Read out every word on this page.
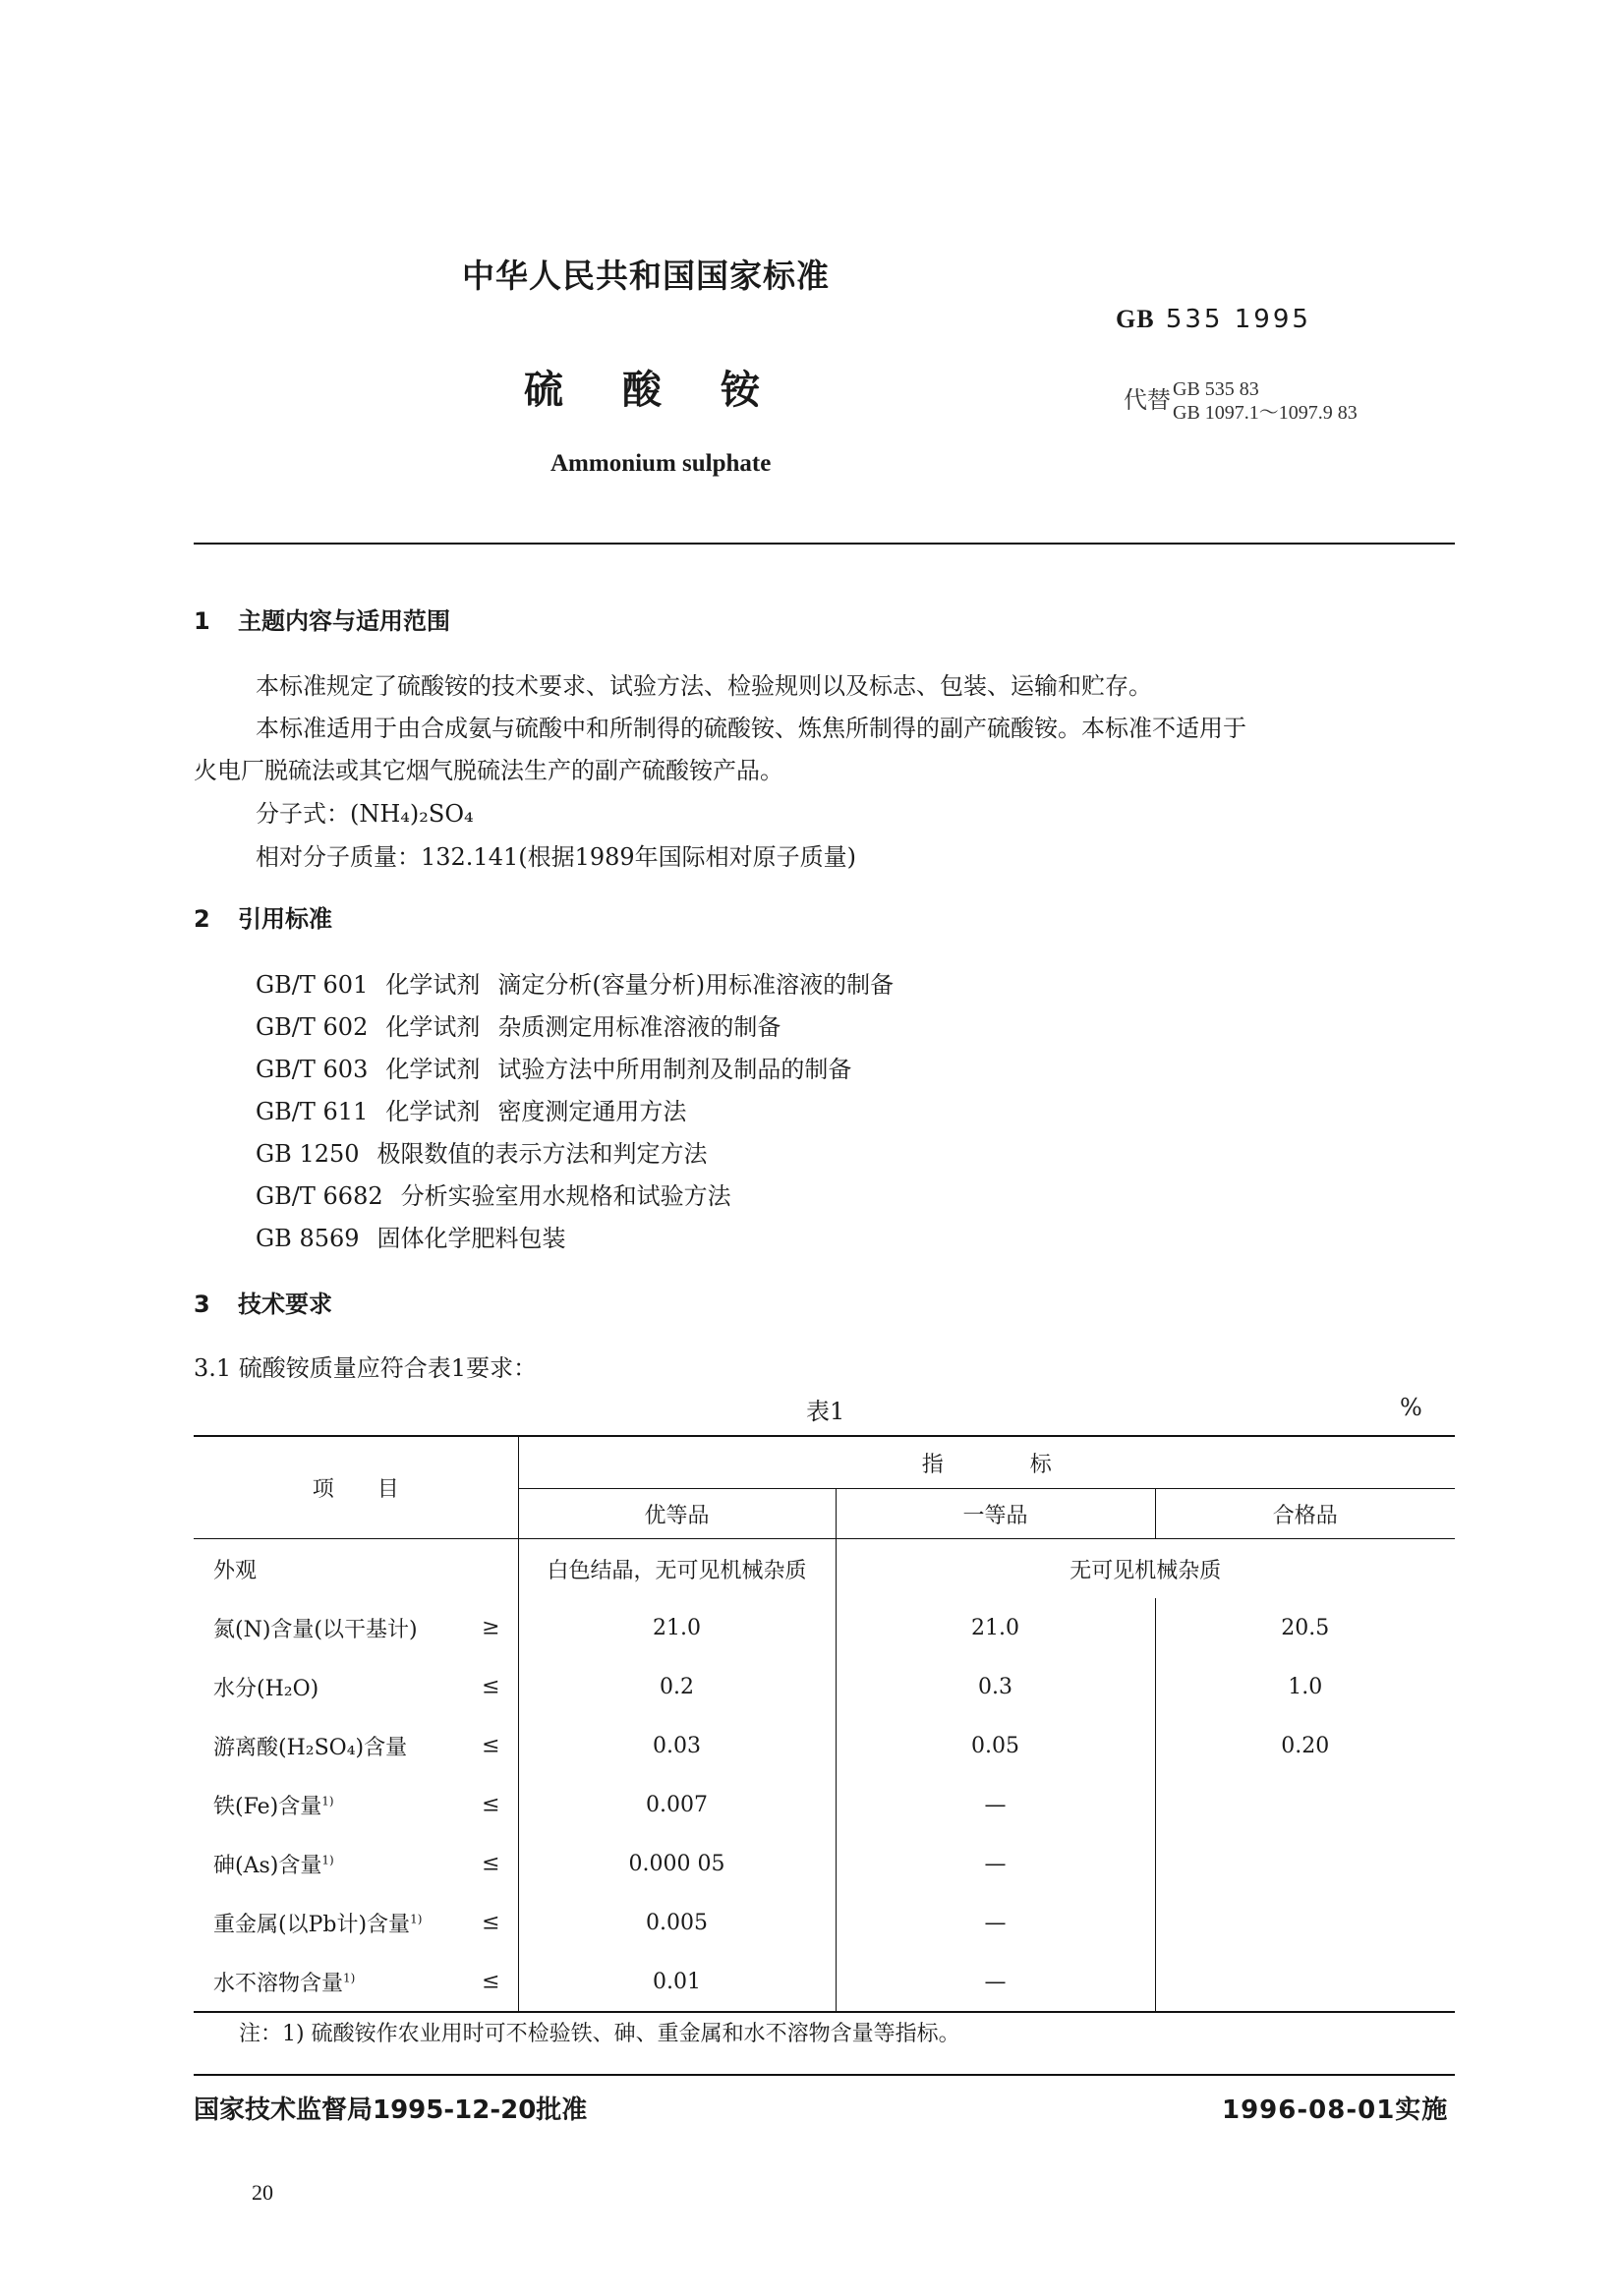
中华人民共和国国家标准
GB 535 1995
硫酸铵	代替 GB 535 83
GB 1097.1～1097.9 83
Ammonium sulphate
1 主题内容与适用范围
本标准规定了硫酸铵的技术要求、试验方法、检验规则以及标志、包装、运输和贮存。
本标准适用于由合成氨与硫酸中和所制得的硫酸铵、炼焦所制得的副产硫酸铵。本标准不适用于
火电厂脱硫法或其它烟气脱硫法生产的副产硫酸铵产品。
分子式：(NH₄)₂SO₄
相对分子质量：132.141(根据1989年国际相对原子质量)
2 引用标准
GB/T 601 化学试剂 滴定分析(容量分析)用标准溶液的制备
GB/T 602 化学试剂 杂质测定用标准溶液的制备
GB/T 603 化学试剂 试验方法中所用制剂及制品的制备
GB/T 611 化学试剂 密度测定通用方法
GB 1250 极限数值的表示方法和判定方法
GB/T 6682 分析实验室用水规格和试验方法
GB 8569 固体化学肥料包装
3 技术要求
3.1 硫酸铵质量应符合表1要求：
表1	%
项　　目	指　　　　标		
	优等品	一等品	合格品
外观	白色结晶，无可见机械杂质	无可见机械杂质	
氮(N)含量(以干基计) ≥	21.0	21.0	20.5
水分(H₂O) ≤	0.2	0.3	1.0
游离酸(H₂SO₄)含量 ≤	0.03	0.05	0.20
铁(Fe)含量$^{1)}$ ≤	0.007	—	
砷(As)含量$^{1)}$ ≤	0.000 05	—	
重金属(以Pb计)含量$^{1)}$ ≤	0.005	—	
水不溶物含量$^{1)}$ ≤	0.01	—	
注：1) 硫酸铵作农业用时可不检验铁、砷、重金属和水不溶物含量等指标。
国家技术监督局1995-12-20批准	1996-08-01实施
20
